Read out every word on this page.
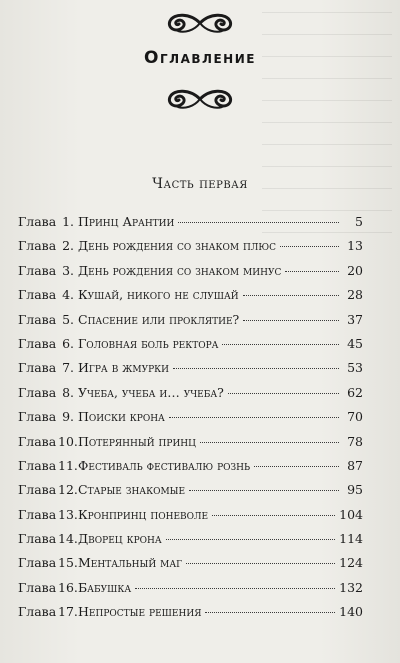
Оглавление
Часть первая
Глава 1. Принц Арантии	5
Глава 2. День рождения со знаком плюс	13
Глава 3. День рождения со знаком минус	20
Глава 4. Кушай, никого не слушай	28
Глава 5. Спасение или проклятие?	37
Глава 6. Головная боль ректора	45
Глава 7. Игра в жмурки	53
Глава 8. Учеба, учеба и… учеба?	62
Глава 9. Поиски крона	70
Глава 10. Потерянный принц	78
Глава 11. Фестиваль фестивалю рознь	87
Глава 12. Старые знакомые	95
Глава 13. Кронпринц поневоле	104
Глава 14. Дворец крона	114
Глава 15. Ментальный маг	124
Глава 16. Бабушка	132
Глава 17. Непростые решения	140
